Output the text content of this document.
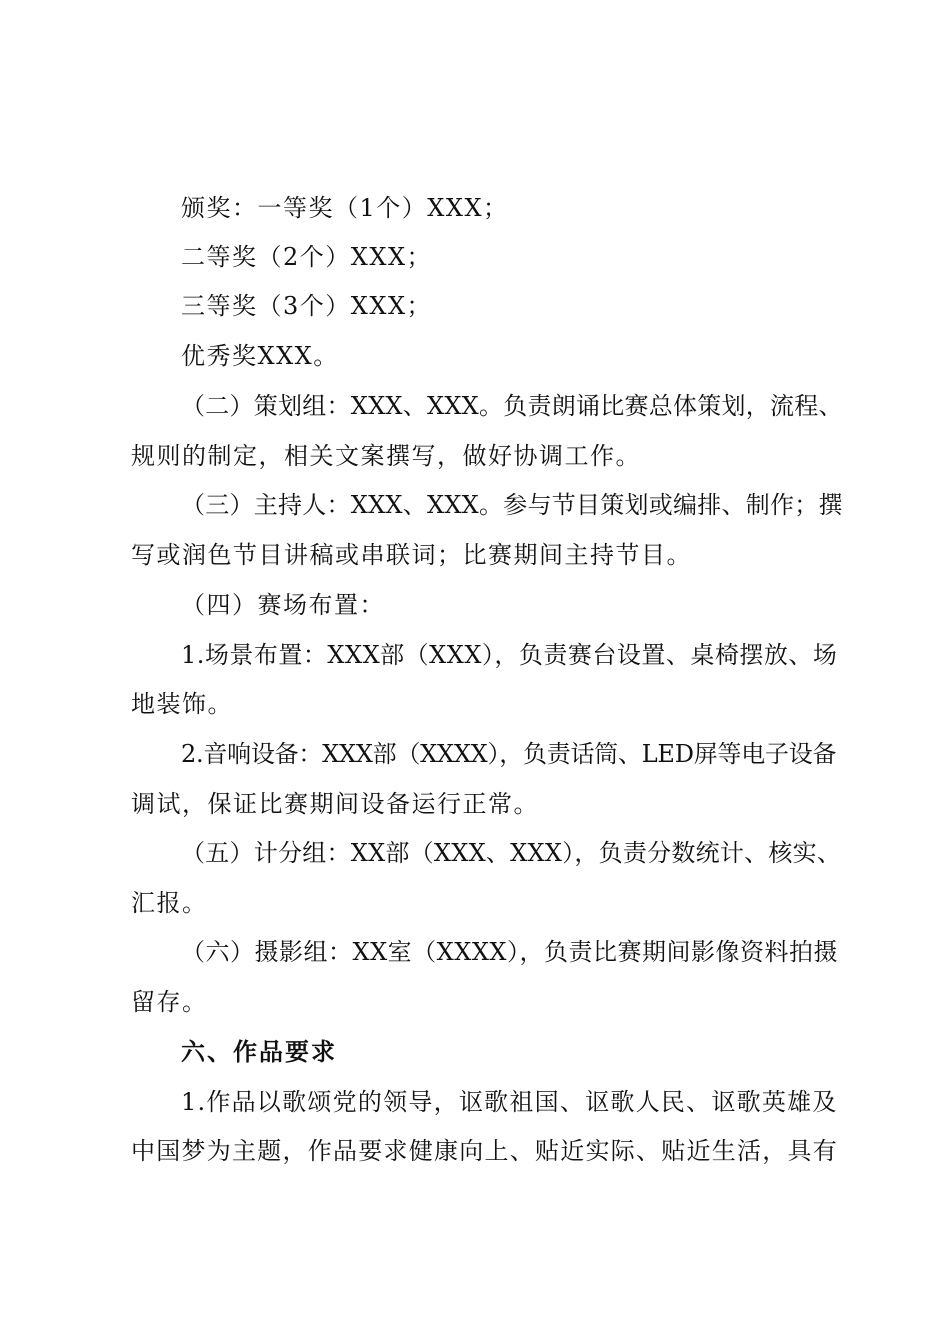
颁奖：一等奖（1个）XXX；
二等奖（2个）XXX；
三等奖（3个）XXX；
优秀奖XXX。
（二）策划组：XXX、XXX。负责朗诵比赛总体策划，流程、
规则的制定，相关文案撰写，做好协调工作。
（三）主持人：XXX、XXX。参与节目策划或编排、制作；撰
写或润色节目讲稿或串联词；比赛期间主持节目。
（四）赛场布置：
1.场景布置：XXX部（XXX），负责赛台设置、桌椅摆放、场
地装饰。
2.音响设备：XXX部（XXXX），负责话筒、LED屏等电子设备
调试，保证比赛期间设备运行正常。
（五）计分组：XX部（XXX、XXX），负责分数统计、核实、
汇报。
（六）摄影组：XX室（XXXX），负责比赛期间影像资料拍摄
留存。
六、作品要求
1.作品以歌颂党的领导，讴歌祖国、讴歌人民、讴歌英雄及
中国梦为主题，作品要求健康向上、贴近实际、贴近生活，具有
